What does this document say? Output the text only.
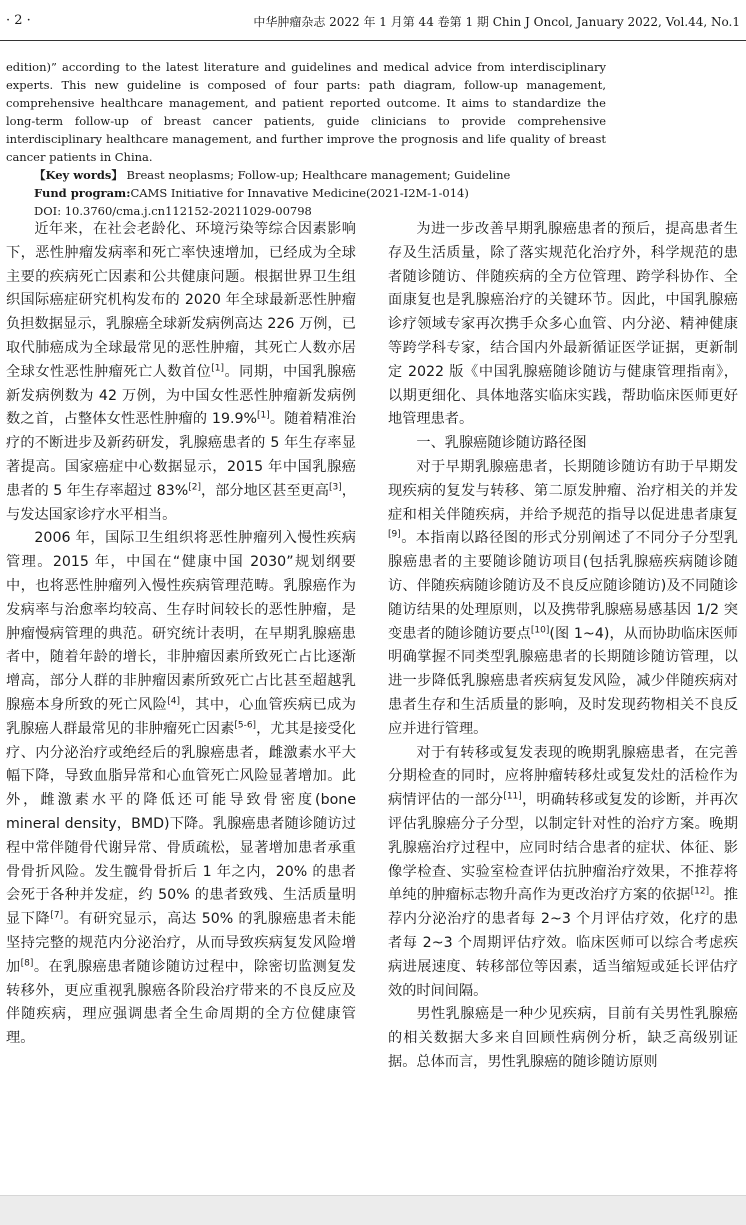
· 2 ·	中华肿瘤杂志 2022 年 1 月第 44 卷第 1 期 Chin J Oncol, January 2022, Vol.44, No.1

edition)” according to the latest literature and guidelines and medical advice from interdisciplinary experts. This new guideline is composed of four parts: path diagram, follow-up management, comprehensive healthcare management, and patient reported outcome. It aims to standardize the long-term follow-up of breast cancer patients, guide clinicians to provide comprehensive interdisciplinary healthcare management, and further improve the prognosis and life quality of breast cancer patients in China.

【Key words】 Breast neoplasms; Follow-up; Healthcare management; Guideline

Fund program:CAMS Initiative for Innavative Medicine(2021-I2M-1-014)

DOI: 10.3760/cma.j.cn112152-20211029-00798

近年来，在社会老龄化、环境污染等综合因素影响下，恶性肿瘤发病率和死亡率快速增加，已经成为全球主要的疾病死亡因素和公共健康问题。根据世界卫生组织国际癌症研究机构发布的 2020 年全球最新恶性肿瘤负担数据显示，乳腺癌全球新发病例高达 226 万例，已取代肺癌成为全球最常见的恶性肿瘤，其死亡人数亦居全球女性恶性肿瘤死亡人数首位[1]。同期，中国乳腺癌新发病例数为 42 万例，为中国女性恶性肿瘤新发病例数之首，占整体女性恶性肿瘤的 19.9%[1]。随着精准治疗的不断进步及新药研发，乳腺癌患者的 5 年生存率显著提高。国家癌症中心数据显示，2015 年中国乳腺癌患者的 5 年生存率超过 83%[2]，部分地区甚至更高[3]，与发达国家诊疗水平相当。

2006 年，国际卫生组织将恶性肿瘤列入慢性疾病管理。2015 年，中国在“健康中国 2030”规划纲要中，也将恶性肿瘤列入慢性疾病管理范畴。乳腺癌作为发病率与治愈率均较高、生存时间较长的恶性肿瘤，是肿瘤慢病管理的典范。研究统计表明，在早期乳腺癌患者中，随着年龄的增长，非肿瘤因素所致死亡占比逐渐增高，部分人群的非肿瘤因素所致死亡占比甚至超越乳腺癌本身所致的死亡风险[4]，其中，心血管疾病已成为乳腺癌人群最常见的非肿瘤死亡因素[5-6]，尤其是接受化疗、内分泌治疗或绝经后的乳腺癌患者，雌激素水平大幅下降，导致血脂异常和心血管死亡风险显著增加。此外，雌激素水平的降低还可能导致骨密度(bone mineral density，BMD)下降。乳腺癌患者随诊随访过程中常伴随骨代谢异常、骨质疏松，显著增加患者承重骨骨折风险。发生髋骨骨折后 1 年之内，20% 的患者会死于各种并发症，约 50% 的患者致残、生活质量明显下降[7]。有研究显示，高达 50% 的乳腺癌患者未能坚持完整的规范内分泌治疗，从而导致疾病复发风险增加[8]。在乳腺癌患者随诊随访过程中，除密切监测复发转移外，更应重视乳腺癌各阶段治疗带来的不良反应及伴随疾病，理应强调患者全生命周期的全方位健康管理。

为进一步改善早期乳腺癌患者的预后，提高患者生存及生活质量，除了落实规范化治疗外，科学规范的患者随诊随访、伴随疾病的全方位管理、跨学科协作、全面康复也是乳腺癌治疗的关键环节。因此，中国乳腺癌诊疗领域专家再次携手众多心血管、内分泌、精神健康等跨学科专家，结合国内外最新循证医学证据，更新制定 2022 版《中国乳腺癌随诊随访与健康管理指南》，以期更细化、具体地落实临床实践，帮助临床医师更好地管理患者。

一、乳腺癌随诊随访路径图

对于早期乳腺癌患者，长期随诊随访有助于早期发现疾病的复发与转移、第二原发肿瘤、治疗相关的并发症和相关伴随疾病，并给予规范的指导以促进患者康复[9]。本指南以路径图的形式分别阐述了不同分子分型乳腺癌患者的主要随诊随访项目(包括乳腺癌疾病随诊随访、伴随疾病随诊随访及不良反应随诊随访)及不同随诊随访结果的处理原则，以及携带乳腺癌易感基因 1/2 突变患者的随诊随访要点[10](图 1~4)，从而协助临床医师明确掌握不同类型乳腺癌患者的长期随诊随访管理，以进一步降低乳腺癌患者疾病复发风险，减少伴随疾病对患者生存和生活质量的影响，及时发现药物相关不良反应并进行管理。

对于有转移或复发表现的晚期乳腺癌患者，在完善分期检查的同时，应将肿瘤转移灶或复发灶的活检作为病情评估的一部分[11]，明确转移或复发的诊断，并再次评估乳腺癌分子分型，以制定针对性的治疗方案。晚期乳腺癌治疗过程中，应同时结合患者的症状、体征、影像学检查、实验室检查评估抗肿瘤治疗效果，不推荐将单纯的肿瘤标志物升高作为更改治疗方案的依据[12]。推荐内分泌治疗的患者每 2~3 个月评估疗效，化疗的患者每 2~3 个周期评估疗效。临床医师可以综合考虑疾病进展速度、转移部位等因素，适当缩短或延长评估疗效的时间间隔。

男性乳腺癌是一种少见疾病，目前有关男性乳腺癌的相关数据大多来自回顾性病例分析，缺乏高级别证据。总体而言，男性乳腺癌的随诊随访原则
